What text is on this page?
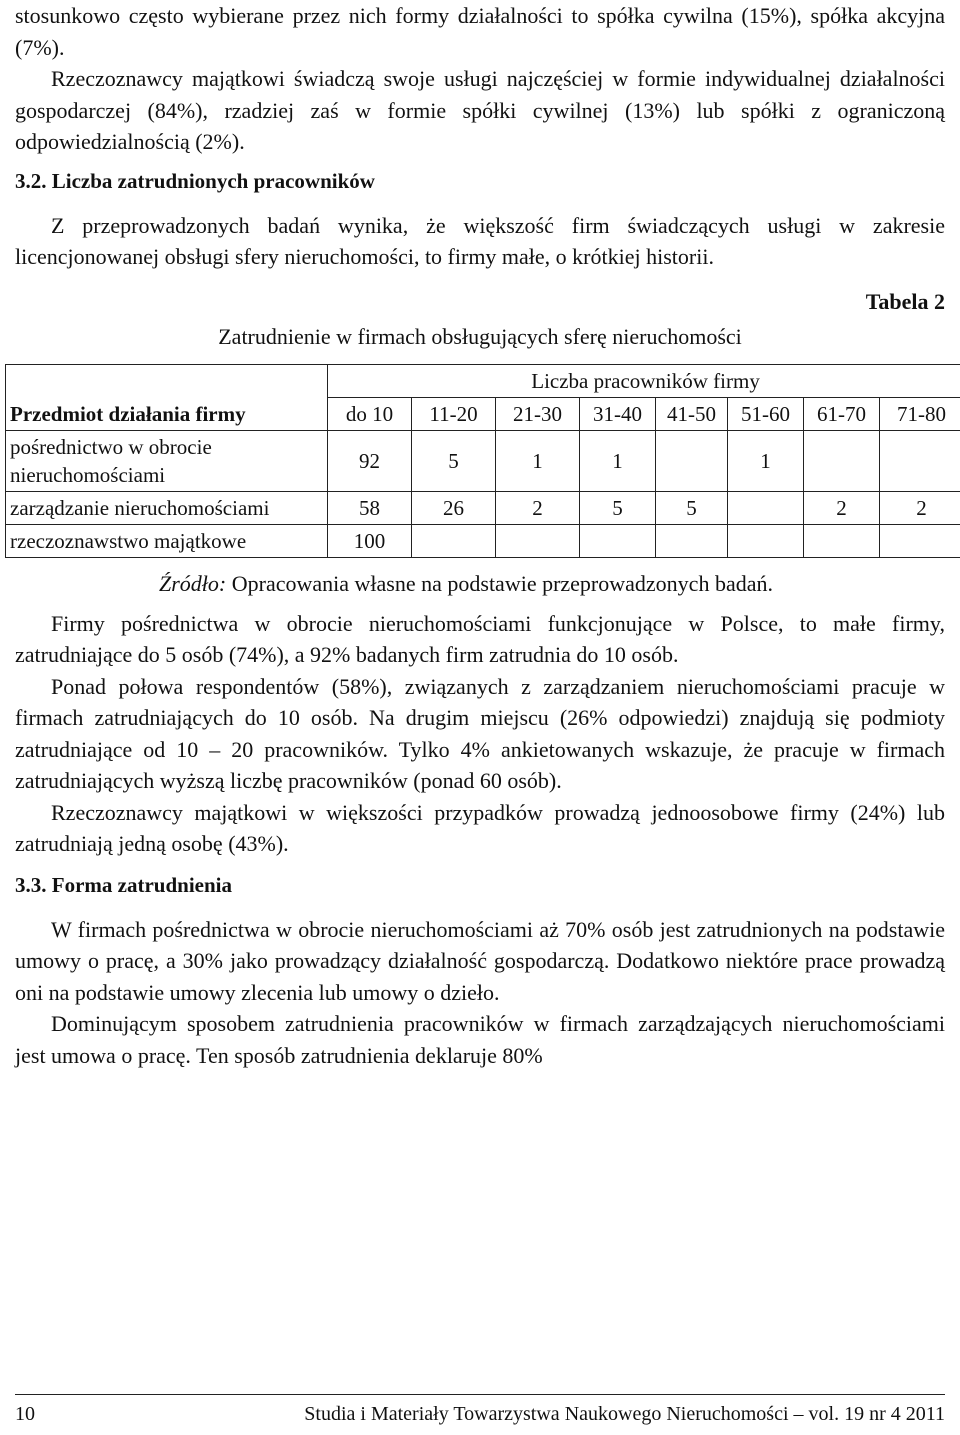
stosunkowo często wybierane przez nich formy działalności to spółka cywilna (15%), spółka akcyjna (7%).

Rzeczoznawcy majątkowi świadczą swoje usługi najczęściej w formie indywidualnej działalności gospodarczej (84%), rzadziej zaś w formie spółki cywilnej (13%) lub spółki z ograniczoną odpowiedzialnością (2%).

3.2. Liczba zatrudnionych pracowników

Z przeprowadzonych badań wynika, że większość firm świadczących usługi w zakresie licencjonowanej obsługi sfery nieruchomości, to firmy małe, o krótkiej historii.

Tabela 2
Zatrudnienie w firmach obsługujących sferę nieruchomości
Przedmiot działania firmy	Liczba pracowników firmy							
	do 10	11-20	21-30	31-40	41-50	51-60	61-70	71-80
pośrednictwo w obrocie nieruchomościami	92	5	1	1		1		
zarządzanie nieruchomościami	58	26	2	5	5		2	2
rzeczoznawstwo majątkowe	100							

Źródło: Opracowania własne na podstawie przeprowadzonych badań.

Firmy pośrednictwa w obrocie nieruchomościami funkcjonujące w Polsce, to małe firmy, zatrudniające do 5 osób (74%), a 92% badanych firm zatrudnia do 10 osób.

Ponad połowa respondentów (58%), związanych z zarządzaniem nieruchomościami pracuje w firmach zatrudniających do 10 osób. Na drugim miejscu (26% odpowiedzi) znajdują się podmioty zatrudniające od 10 – 20 pracowników. Tylko 4% ankietowanych wskazuje, że pracuje w firmach zatrudniających wyższą liczbę pracowników (ponad 60 osób).

Rzeczoznawcy majątkowi w większości przypadków prowadzą jednoosobowe firmy (24%) lub zatrudniają jedną osobę (43%).

3.3. Forma zatrudnienia

W firmach pośrednictwa w obrocie nieruchomościami aż 70% osób jest zatrudnionych na podstawie umowy o pracę, a 30% jako prowadzący działalność gospodarczą. Dodatkowo niektóre prace prowadzą oni na podstawie umowy zlecenia lub umowy o dzieło.

Dominującym sposobem zatrudnienia pracowników w firmach zarządzających nieruchomościami jest umowa o pracę. Ten sposób zatrudnienia deklaruje 80%

10	Studia i Materiały Towarzystwa Naukowego Nieruchomości – vol. 19 nr 4 2011
